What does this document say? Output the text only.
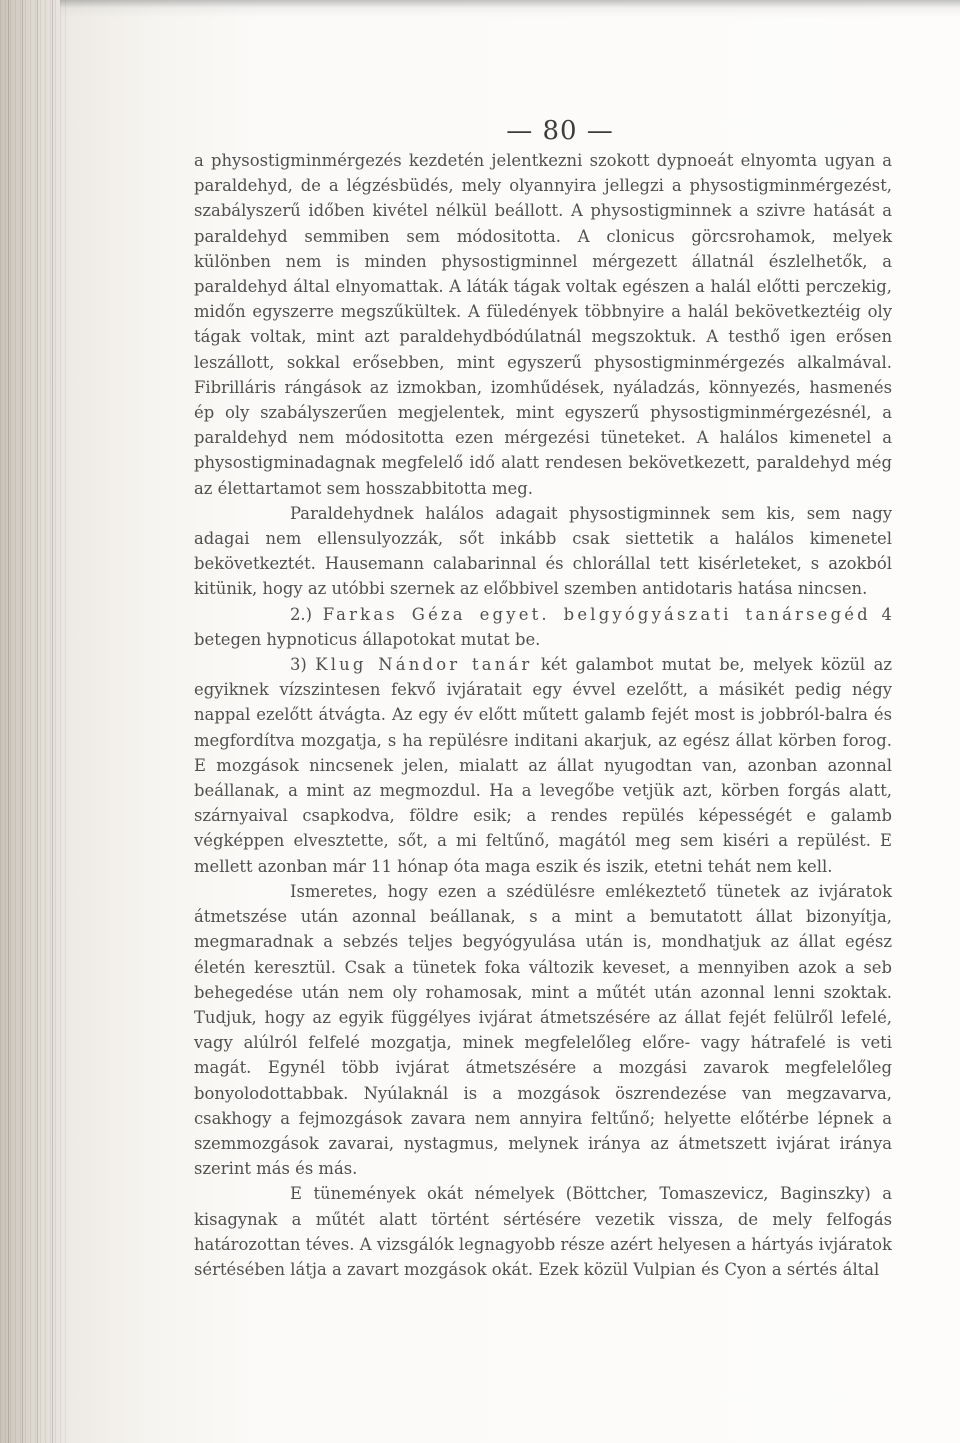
— 80 —

a physostigminmérgezés kezdetén jelentkezni szokott dypnoeát elnyomta ugyan a paraldehyd, de a légzésbüdés, mely olyannyira jellegzi a physostigminmérgezést, szabályszerű időben kivétel nélkül beállott. A physostigminnek a szivre hatását a paraldehyd semmiben sem módositotta. A clonicus görcsrohamok, melyek különben nem is minden physostigminnel mérgezett állatnál észlelhetők, a paraldehyd által elnyomattak. A láták tágak voltak egészen a halál előtti perczekig, midőn egyszerre megszűkültek. A füledények többnyire a halál bekövetkeztéig oly tágak voltak, mint azt paraldehydbódúlatnál megszoktuk. A testhő igen erősen leszállott, sokkal erősebben, mint egyszerű physostigminmérgezés alkalmával. Fibrilláris rángások az izmokban, izomhűdések, nyáladzás, könnyezés, hasmenés ép oly szabályszerűen megjelentek, mint egyszerű physostigminmérgezésnél, a paraldehyd nem módositotta ezen mérgezési tüneteket. A halálos kimenetel a physostigminadagnak megfelelő idő alatt rendesen bekövetkezett, paraldehyd még az élettartamot sem hosszabbitotta meg.

Paraldehydnek halálos adagait physostigminnek sem kis, sem nagy adagai nem ellensulyozzák, sőt inkább csak siettetik a halálos kimenetel bekövetkeztét. Hausemann calabarinnal és chlorállal tett kisérleteket, s azokból kitünik, hogy az utóbbi szernek az előbbivel szemben antidotaris hatása nincsen.

2.) Farkas Géza egyet. belgyógyászati tanársegéd 4 betegen hypnoticus állapotokat mutat be.

3) Klug Nándor tanár két galambot mutat be, melyek közül az egyiknek vízszintesen fekvő ivjáratait egy évvel ezelőtt, a másikét pedig négy nappal ezelőtt átvágta. Az egy év előtt műtett galamb fejét most is jobbról-balra és megfordítva mozgatja, s ha repülésre inditani akarjuk, az egész állat körben forog. E mozgások nincsenek jelen, mialatt az állat nyugodtan van, azonban azonnal beállanak, a mint az megmozdul. Ha a levegőbe vetjük azt, körben forgás alatt, szárnyaival csapkodva, földre esik; a rendes repülés képességét e galamb végképpen elvesztette, sőt, a mi feltűnő, magától meg sem kiséri a repülést. E mellett azonban már 11 hónap óta maga eszik és iszik, etetni tehát nem kell.

Ismeretes, hogy ezen a szédülésre emlékeztető tünetek az ivjáratok átmetszése után azonnal beállanak, s a mint a bemutatott állat bizonyítja, megmaradnak a sebzés teljes begyógyulása után is, mondhatjuk az állat egész életén keresztül. Csak a tünetek foka változik keveset, a mennyiben azok a seb behegedése után nem oly rohamosak, mint a műtét után azonnal lenni szoktak. Tudjuk, hogy az egyik függélyes ivjárat átmetszésére az állat fejét felülről lefelé, vagy alúlról felfelé mozgatja, minek megfelelőleg előre- vagy hátrafelé is veti magát. Egynél több ivjárat átmetszésére a mozgási zavarok megfelelőleg bonyolodottabbak. Nyúlaknál is a mozgások öszrendezése van megzavarva, csakhogy a fejmozgások zavara nem annyira feltűnő; helyette előtérbe lépnek a szemmozgások zavarai, nystagmus, melynek iránya az átmetszett ivjárat iránya szerint más és más.

E tünemények okát némelyek (Böttcher, Tomaszevicz, Baginszky) a kisagynak a műtét alatt történt sértésére vezetik vissza, de mely felfogás határozottan téves. A vizsgálók legnagyobb része azért helyesen a hártyás ivjáratok sértésében látja a zavart mozgások okát. Ezek közül Vulpian és Cyon a sértés által
